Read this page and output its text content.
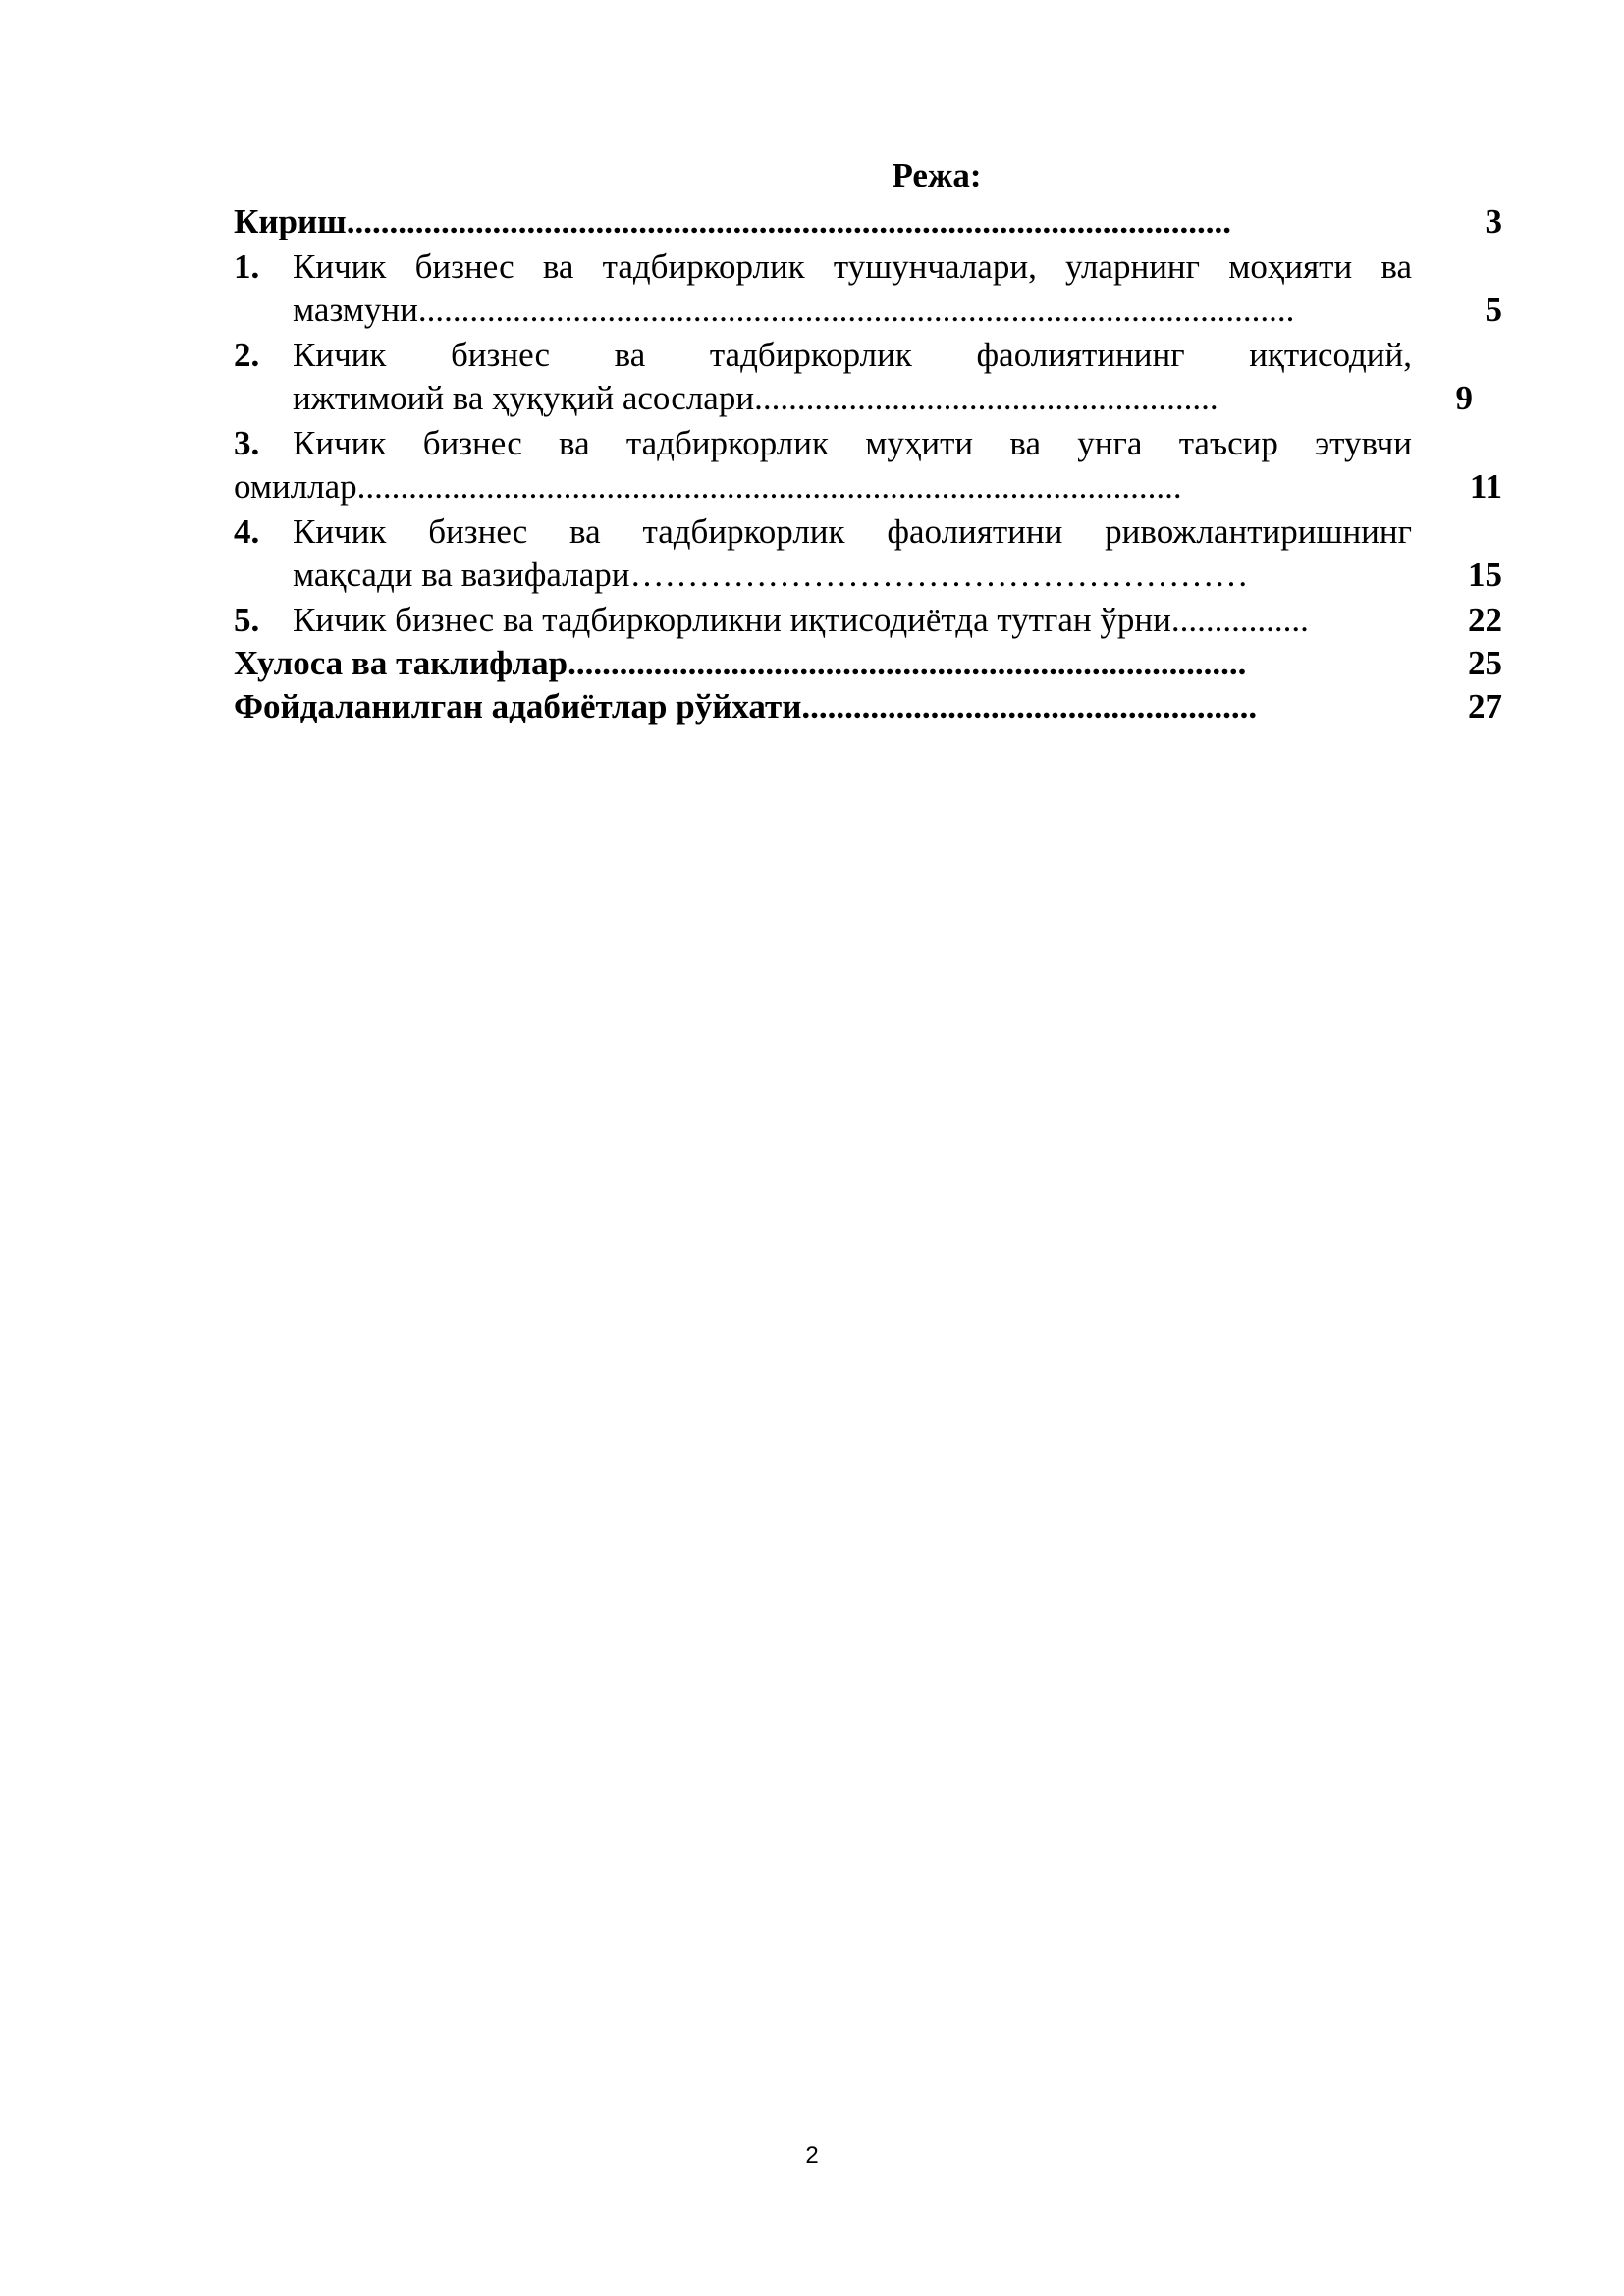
Режа:
Кириш.......................................................................................................	3
1. Кичик бизнес ва тадбиркорлик тушунчалари, уларнинг моҳияти ва
мазмуни......................................................................................................	5
2. Кичик бизнес ва тадбиркорлик фаолиятининг иқтисодий,
ижтимоий ва ҳуқуқий асослари......................................................	9
3. Кичик бизнес ва тадбиркорлик муҳити ва унга таъсир этувчи
омиллар................................................................................................	11
4. Кичик бизнес ва тадбиркорлик фаолиятини ривожлантиришнинг
мақсади ва вазифалари………………………………………………	15
5. Кичик бизнес ва тадбиркорликни иқтисодиётда тутган ўрни................	22
Хулоса ва таклифлар...............................................................................	25
Фойдаланилган адабиётлар рўйхати.....................................................	27
2
